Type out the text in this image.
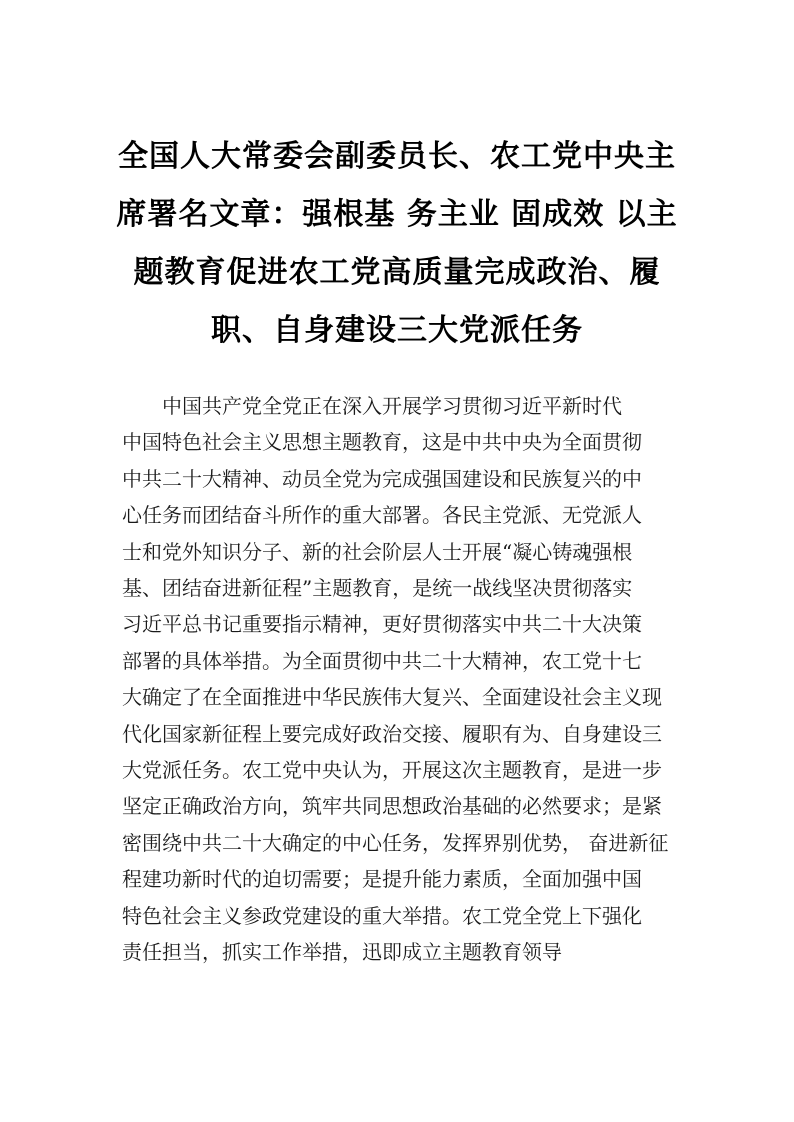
全国人大常委会副委员长、农工党中央主
席署名文章：强根基 务主业 固成效 以主
题教育促进农工党高质量完成政治、履
职、自身建设三大党派任务
中国共产党全党正在深入开展学习贯彻习近平新时代
中国特色社会主义思想主题教育，这是中共中央为全面贯彻
中共二十大精神、动员全党为完成强国建设和民族复兴的中
心任务而团结奋斗所作的重大部署。各民主党派、无党派人
士和党外知识分子、新的社会阶层人士开展“凝心铸魂强根
基、团结奋进新征程”主题教育，是统一战线坚决贯彻落实
习近平总书记重要指示精神，更好贯彻落实中共二十大决策
部署的具体举措。为全面贯彻中共二十大精神，农工党十七
大确定了在全面推进中华民族伟大复兴、全面建设社会主义现
代化国家新征程上要完成好政治交接、履职有为、自身建设三
大党派任务。农工党中央认为，开展这次主题教育，是进一步
坚定正确政治方向，筑牢共同思想政治基础的必然要求；是紧
密围绕中共二十大确定的中心任务，发挥界别优势， 奋进新征
程建功新时代的迫切需要；是提升能力素质，全面加强中国
特色社会主义参政党建设的重大举措。农工党全党上下强化
责任担当，抓实工作举措，迅即成立主题教育领导
